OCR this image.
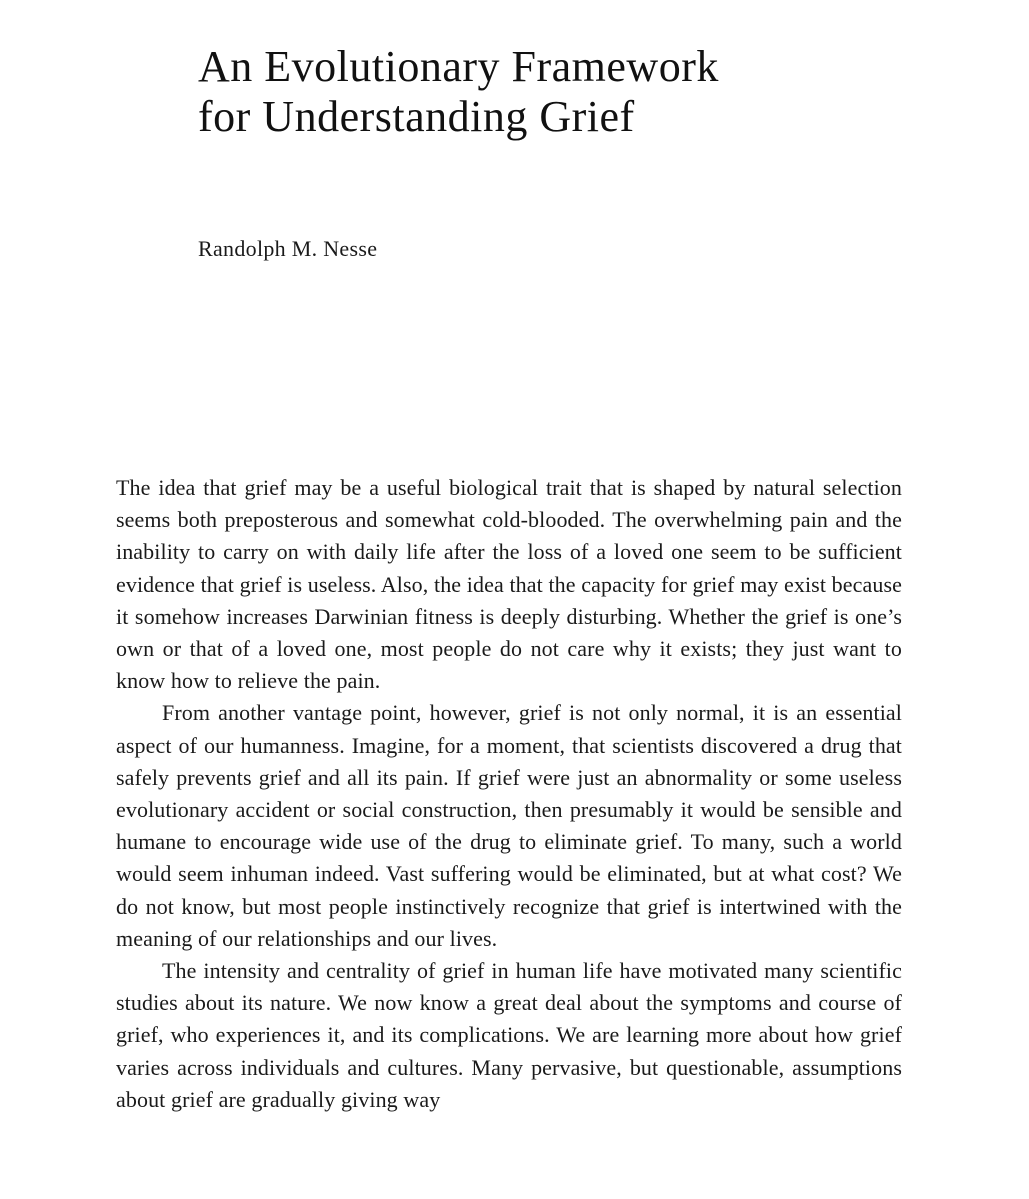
An Evolutionary Framework
for Understanding Grief
Randolph M. Nesse

The idea that grief may be a useful biological trait that is shaped by natural selection seems both preposterous and somewhat cold-blooded. The overwhelming pain and the inability to carry on with daily life after the loss of a loved one seem to be sufficient evidence that grief is useless. Also, the idea that the capacity for grief may exist because it somehow increases Darwinian fitness is deeply disturbing. Whether the grief is one’s own or that of a loved one, most people do not care why it exists; they just want to know how to relieve the pain.

From another vantage point, however, grief is not only normal, it is an essential aspect of our humanness. Imagine, for a moment, that scientists discovered a drug that safely prevents grief and all its pain. If grief were just an abnormality or some useless evolutionary accident or social construction, then presumably it would be sensible and humane to encourage wide use of the drug to eliminate grief. To many, such a world would seem inhuman indeed. Vast suffering would be eliminated, but at what cost? We do not know, but most people instinctively recognize that grief is intertwined with the meaning of our relationships and our lives.

The intensity and centrality of grief in human life have motivated many scientific studies about its nature. We now know a great deal about the symptoms and course of grief, who experiences it, and its complications. We are learning more about how grief varies across individuals and cultures. Many pervasive, but questionable, assumptions about grief are gradually giving way
